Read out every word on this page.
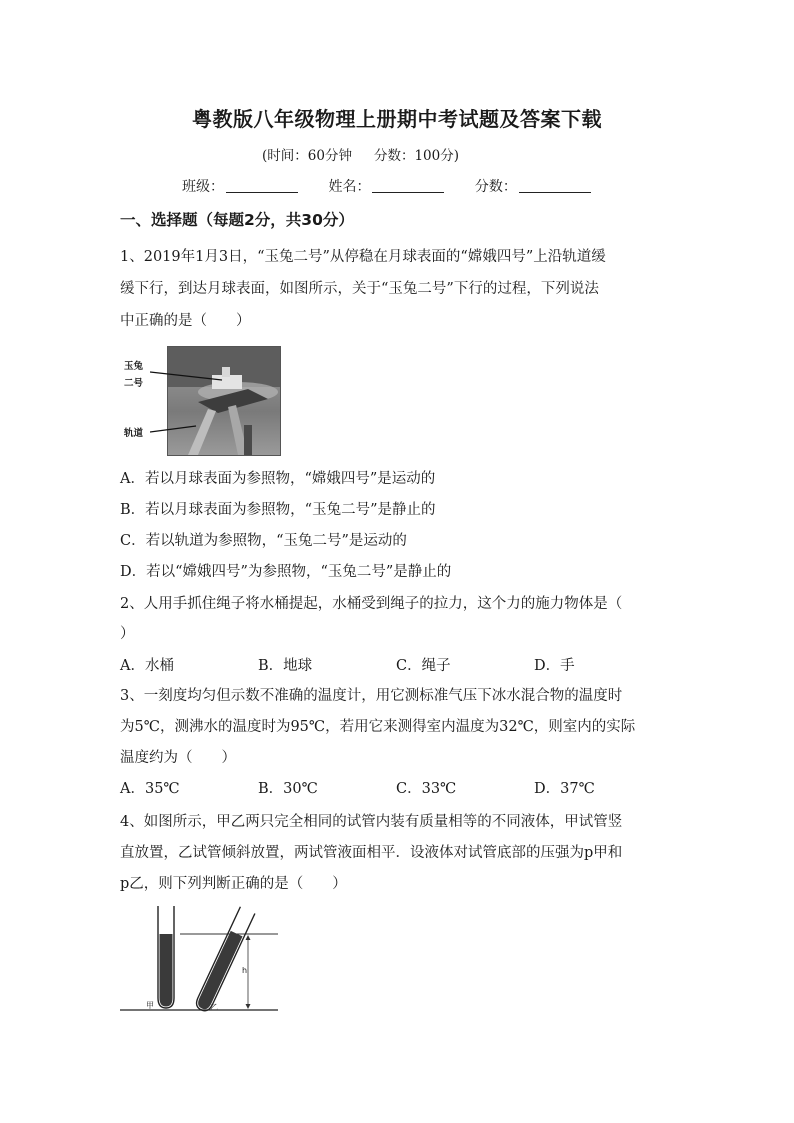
粤教版八年级物理上册期中考试题及答案下载
(时间：60分钟 分数：100分)
班级：	姓名：	分数：
一、选择题（每题2分，共30分）
1、2019年1月3日，“玉兔二号”从停稳在月球表面的“嫦娥四号”上沿轨道缓
缓下行，到达月球表面，如图所示，关于“玉兔二号”下行的过程，下列说法
中正确的是（　　）
玉兔
二号
轨道
A．若以月球表面为参照物，“嫦娥四号”是运动的
B．若以月球表面为参照物，“玉兔二号”是静止的
C．若以轨道为参照物，“玉兔二号”是运动的
D．若以“嫦娥四号”为参照物，“玉兔二号”是静止的
2、人用手抓住绳子将水桶提起，水桶受到绳子的拉力，这个力的施力物体是（
）
A．水桶	B．地球	C．绳子	D．手
3、一刻度均匀但示数不准确的温度计，用它测标准气压下冰水混合物的温度时
为5℃，测沸水的温度时为95℃，若用它来测得室内温度为32℃，则室内的实际
温度约为（　　）
A．35℃	B．30℃	C．33℃	D．37℃
4、如图所示，甲乙两只完全相同的试管内装有质量相等的不同液体，甲试管竖
直放置，乙试管倾斜放置，两试管液面相平．设液体对试管底部的压强为p甲和
p乙，则下列判断正确的是（　　）
甲	乙
h
